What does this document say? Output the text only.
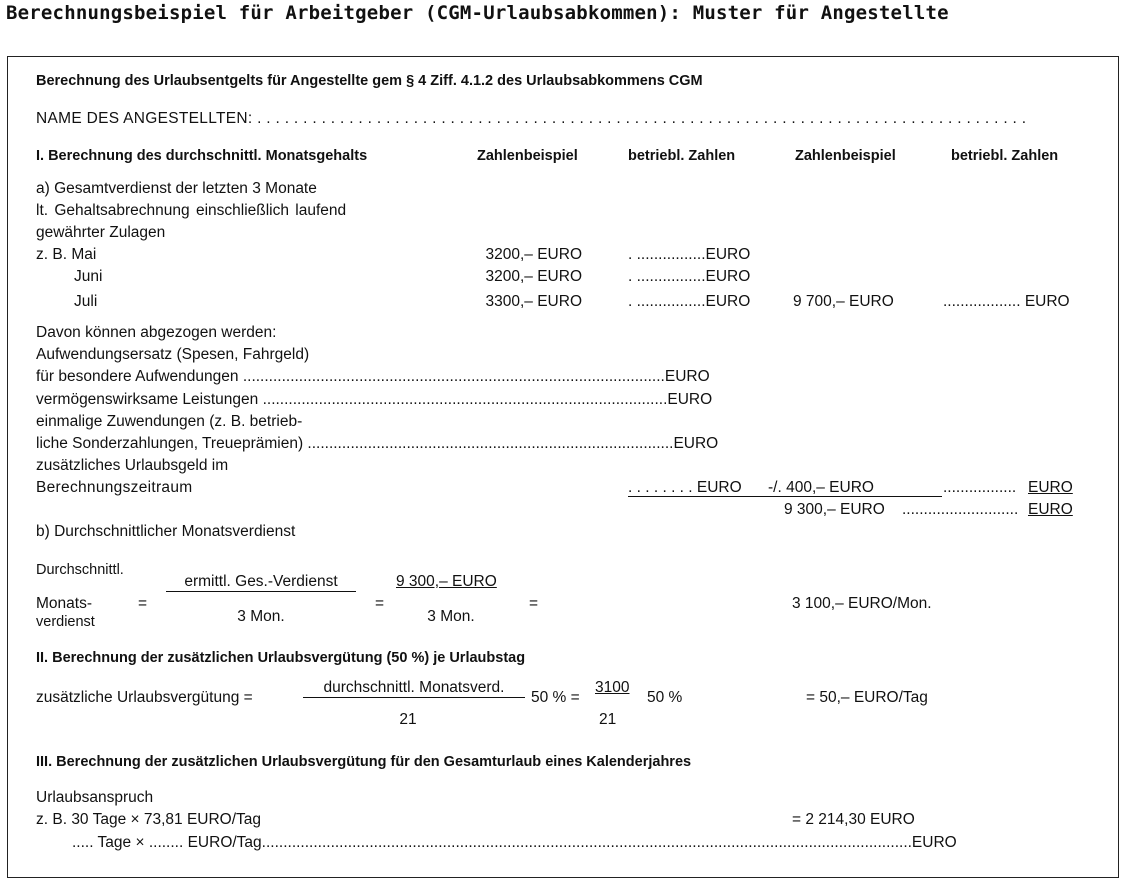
Berechnungsbeispiel für Arbeitgeber (CGM-Urlaubsabkommen): Muster für Angestellte
Berechnung des Urlaubsentgelts für Angestellte gem § 4 Ziff. 4.1.2 des Urlaubsabkommens CGM
NAME DES ANGESTELLTEN: . . . . . . . . . . . . . . . . . . . . . . . . . . . . . . . . . . . . . . . . . . . . . . . . . . . . . . . . . . . . . . . . . . . . . . . . . . . . . . . . . . . .
I. Berechnung des durchschnittl. Monatsgehalts	Zahlenbeispiel	betriebl. Zahlen	Zahlenbeispiel	betriebl. Zahlen
a) Gesamtverdienst der letzten 3 Monate
lt. Gehaltsabrechnung einschließlich laufend
gewährter Zulagen
z. B. Mai	3200,– EURO	. ................EURO
Juni	3200,– EURO	. ................EURO
Juli	3300,– EURO	. ................EURO	9 700,– EURO	.................. EURO
Davon können abgezogen werden:
Aufwendungsersatz (Spesen, Fahrgeld)
für besondere Aufwendungen ..................................................................................................EURO
vermögenswirksame Leistungen ..............................................................................................EURO
einmalige Zuwendungen (z. B. betrieb-
liche Sonderzahlungen, Treueprämien) .....................................................................................EURO
zusätzliches Urlaubsgeld im
Berechnungszeitraum	. . . . . . . . EURO -/. 400,– EURO	................. EURO
9 300,– EURO ........................... EURO
b) Durchschnittlicher Monatsverdienst
Durchschnittl.
Monats-
verdienst
=
ermittl. Ges.-Verdienst
3 Mon.
=
9 300,– EURO
3 Mon.
=	3 100,– EURO/Mon.
II. Berechnung der zusätzlichen Urlaubsvergütung (50 %) je Urlaubstag
zusätzliche Urlaubsvergütung =
durchschnittl. Monatsverd.
21
50 % =
3100
21
50 %	= 50,– EURO/Tag
III. Berechnung der zusätzlichen Urlaubsvergütung für den Gesamturlaub eines Kalenderjahres
Urlaubsanspruch
z. B. 30 Tage × 73,81 EURO/Tag	= 2 214,30 EURO
..... Tage × ........ EURO/Tag.......................................................................................................................................................EURO
